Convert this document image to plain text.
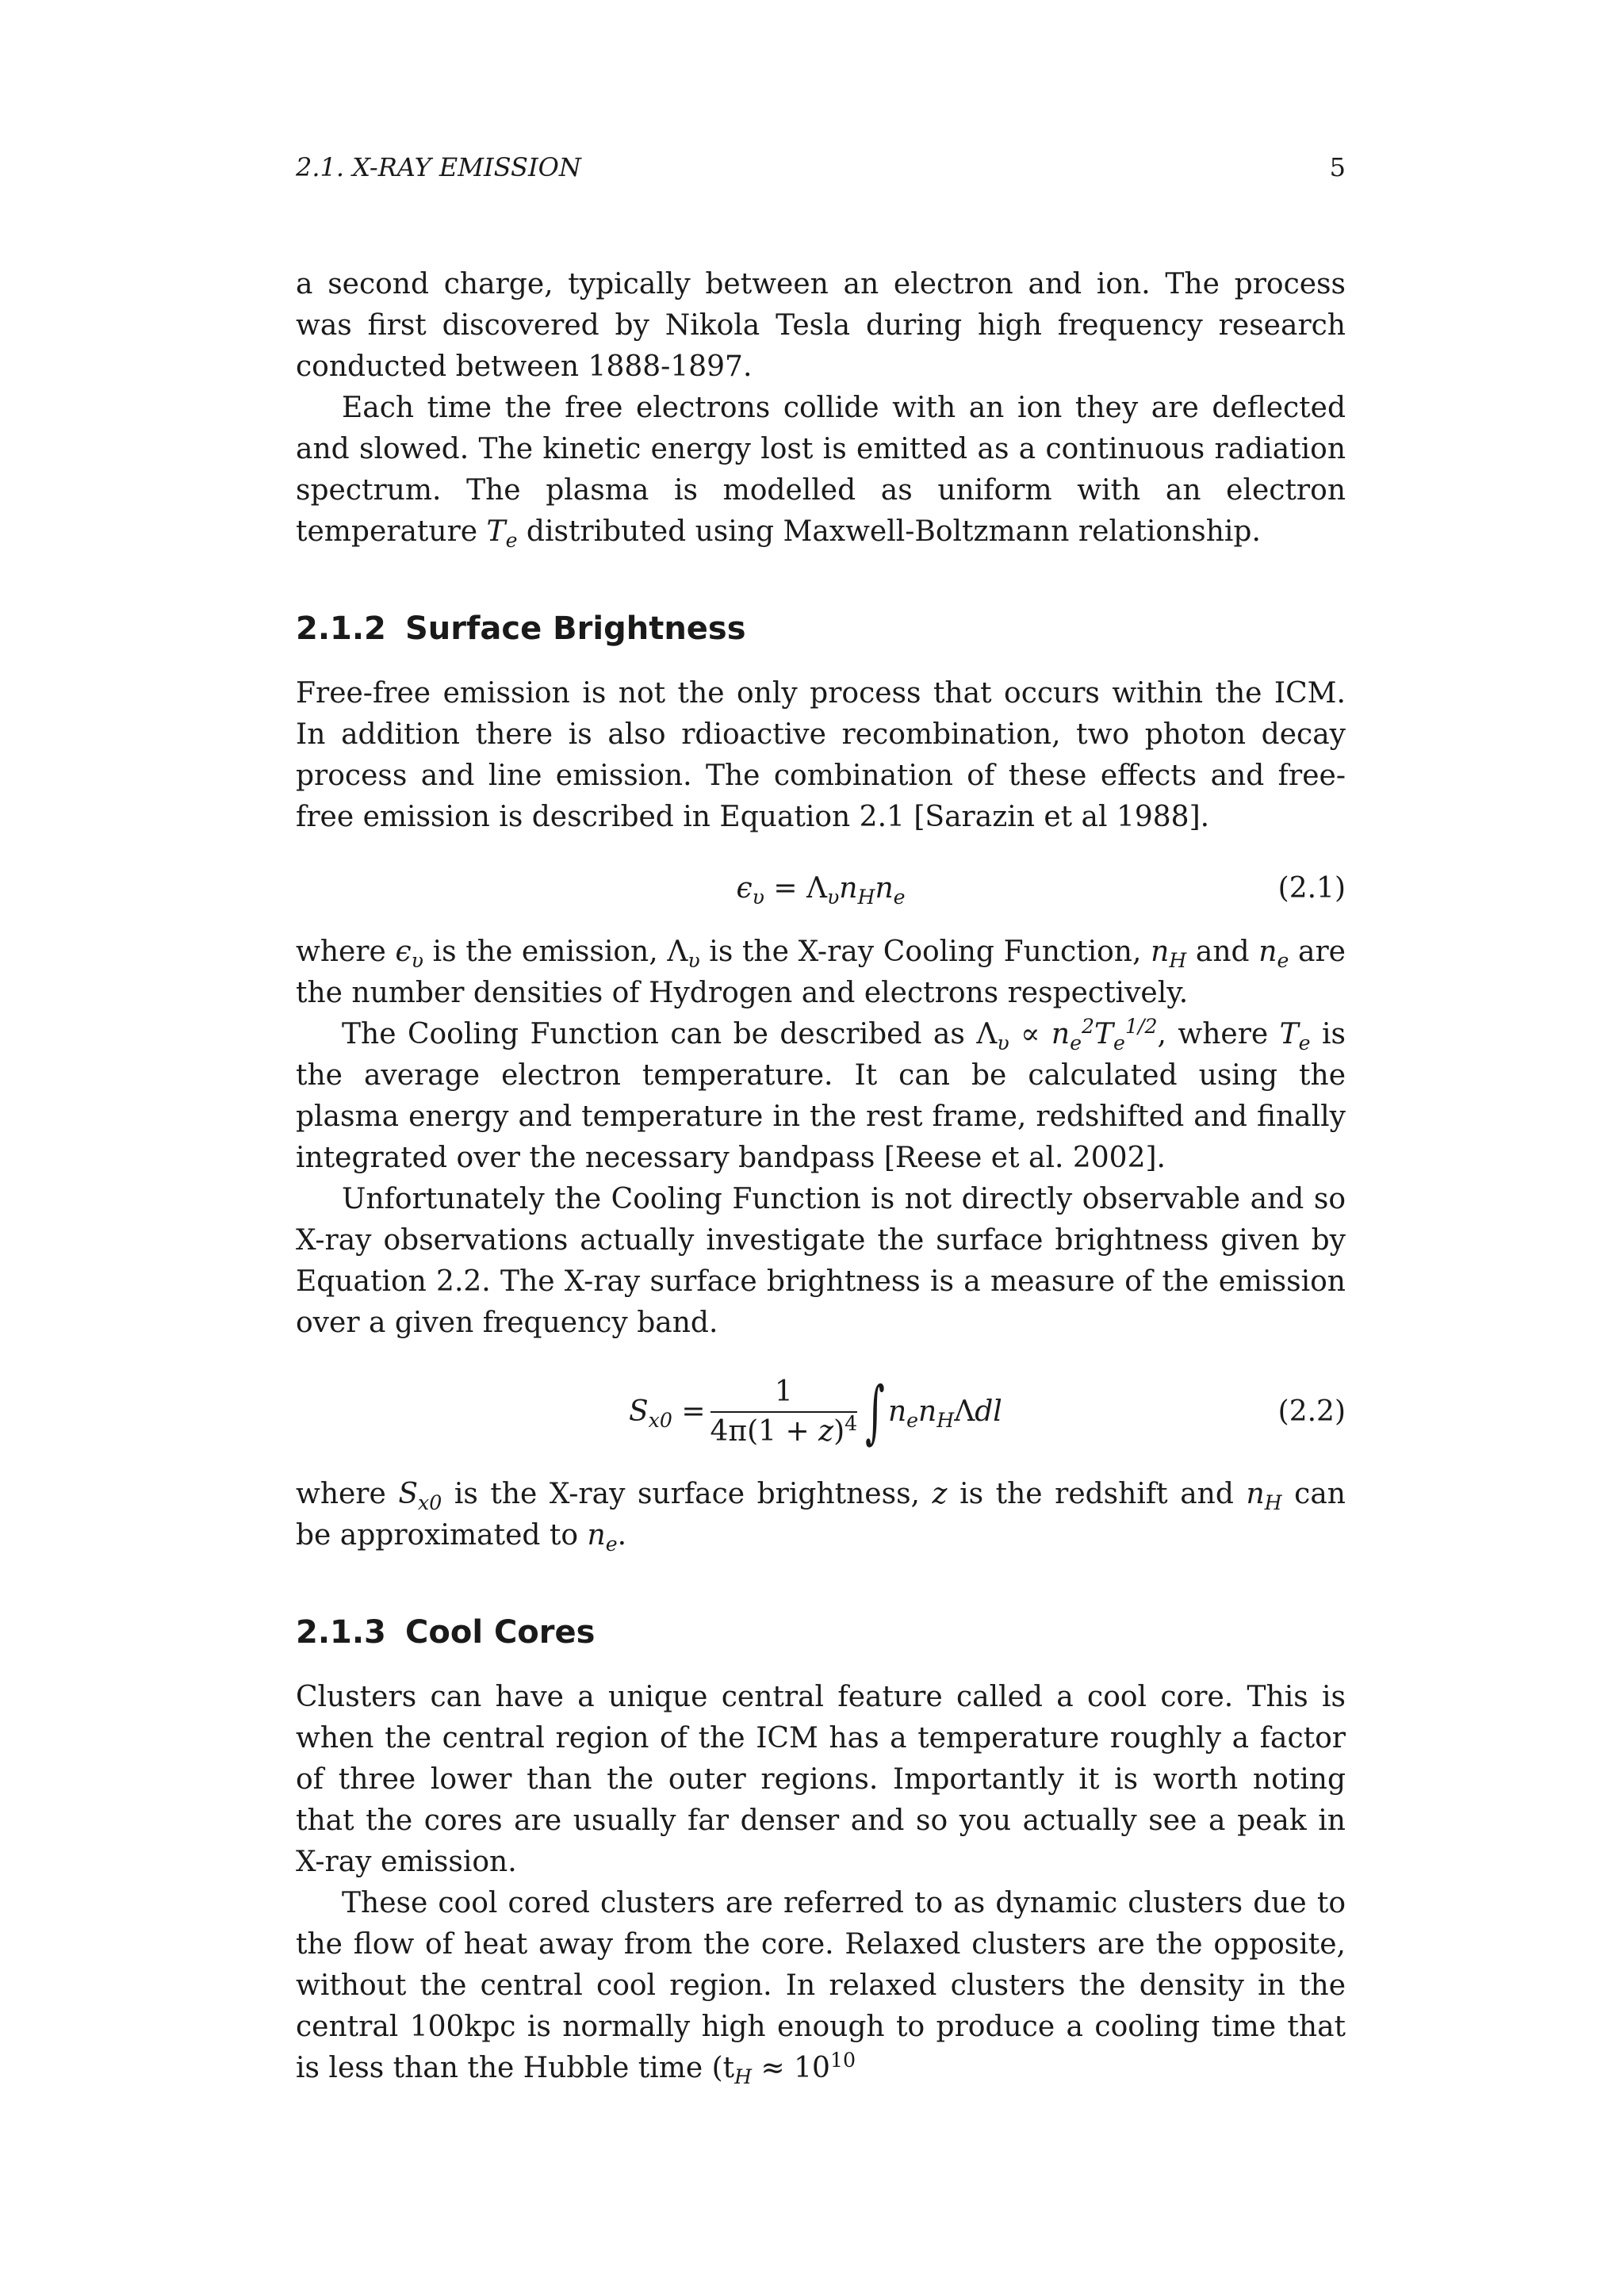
2.1. X-RAY EMISSION	5

a second charge, typically between an electron and ion. The process was first discovered by Nikola Tesla during high frequency research conducted between 1888-1897.

Each time the free electrons collide with an ion they are deflected and slowed. The kinetic energy lost is emitted as a continuous radiation spectrum. The plasma is modelled as uniform with an electron temperature $T_e$ distributed using Maxwell-Boltzmann relationship.

2.1.2 Surface Brightness

Free-free emission is not the only process that occurs within the ICM. In addition there is also rdioactive recombination, two photon decay process and line emission. The combination of these effects and free-free emission is described in Equation 2.1 [Sarazin et al 1988].

$\epsilon_\upsilon = \Lambda_\upsilon n_Hn_e$	(2.1)

where $\epsilon_\upsilon$ is the emission, $\Lambda_\upsilon$ is the X-ray Cooling Function, $n_H$ and $n_e$ are the number densities of Hydrogen and electrons respectively.

The Cooling Function can be described as $\Lambda_\upsilon \propto n_e^2T_e^{1/2}$, where $T_e$ is the average electron temperature. It can be calculated using the plasma energy and temperature in the rest frame, redshifted and finally integrated over the necessary bandpass [Reese et al. 2002].

Unfortunately the Cooling Function is not directly observable and so X-ray observations actually investigate the surface brightness given by Equation 2.2. The X-ray surface brightness is a measure of the emission over a given frequency band.

$S_{x0} = \frac{1}{4\pi(1 + z)^4}$ ∫ $n_en_H$ Λ dl	(2.2)

where $S_{x0}$ is the X-ray surface brightness, z is the redshift and $n_H$ can be approximated to $n_e$.

2.1.3 Cool Cores

Clusters can have a unique central feature called a cool core. This is when the central region of the ICM has a temperature roughly a factor of three lower than the outer regions. Importantly it is worth noting that the cores are usually far denser and so you actually see a peak in X-ray emission.

These cool cored clusters are referred to as dynamic clusters due to the flow of heat away from the core. Relaxed clusters are the opposite, without the central cool region. In relaxed clusters the density in the central 100kpc is normally high enough to produce a cooling time that is less than the Hubble time ($t_H \approx 10^{10}$
